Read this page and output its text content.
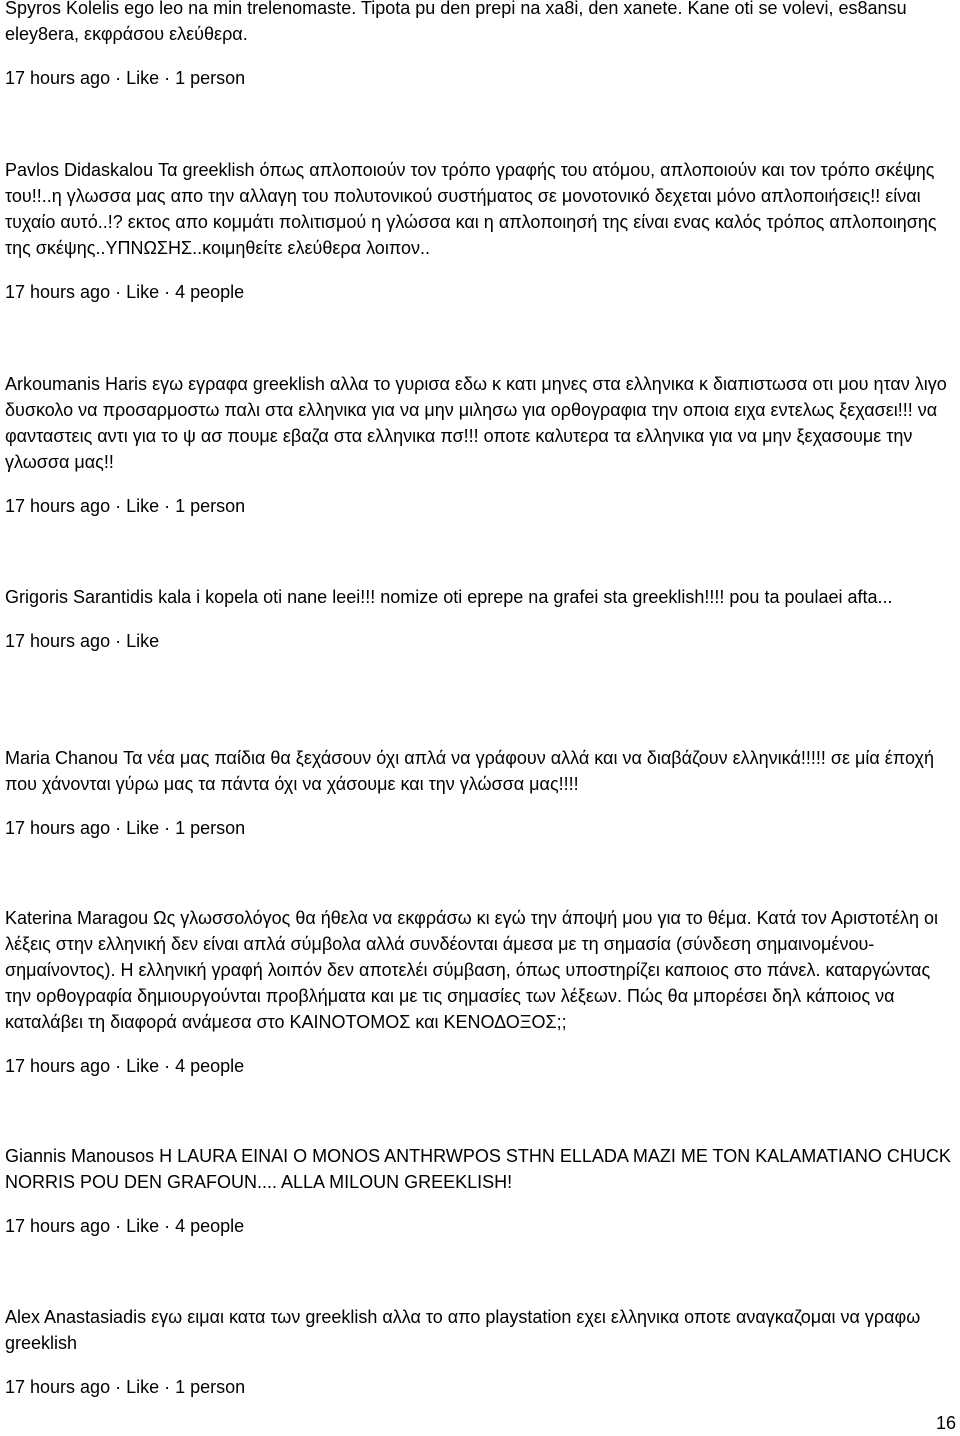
Spyros Kolelis ego leo na min trelenomaste. Tipota pu den prepi na xa8i, den xanete. Kane oti se volevi, es8ansu eley8era, εκφράσου ελεύθερα.

17 hours ago · Like · 1 person

Pavlos Didaskalou Τα greeklish όπως απλοποιούν τον τρόπο γραφής του ατόμου, απλοποιούν και τον τρόπο σκέψης του!!..η γλωσσα μας απο την αλλαγη του πολυτονικού συστήματος σε μονοτονικό δεχεται μόνο απλοποιήσεις!! είναι τυχαίο αυτό..!? εκτος απο κομμάτι πολιτισμού η γλώσσα και η απλοποιησή της είναι ενας καλός τρόπος απλοποιησης της σκέψης..ΥΠΝΩΣΗΣ..κοιμηθείτε ελεύθερα λοιπον..

17 hours ago · Like · 4 people

Arkoumanis Haris εγω εγραφα greeklish αλλα το γυρισα εδω κ κατι μηνες στα ελληνικα κ διαπιστωσα οτι μου ηταν λιγο δυσκολο να προσαρμοστω παλι στα ελληνικα για να μην μιλησω για ορθογραφια την οποια ειχα εντελως ξεχασει!!! να φανταστεις αντι για το ψ ασ πουμε εβαζα στα ελληνικα πσ!!! οποτε καλυτερα τα ελληνικα για να μην ξεχασουμε την γλωσσα μας!!

17 hours ago · Like · 1 person

Grigoris Sarantidis kala i kopela oti nane leei!!! nomize oti eprepe na grafei sta greeklish!!!! pou ta poulaei afta...

17 hours ago · Like

Maria Chanou Τα νέα μας παίδια θα ξεχάσουν όχι απλά να γράφουν αλλά και να διαβάζουν ελληνικά!!!!! σε μία έποχή που χάνονται γύρω μας τα πάντα όχι να χάσουμε και την γλώσσα μας!!!!

17 hours ago · Like · 1 person

Katerina Maragou Ως γλωσσολόγος θα ήθελα να εκφράσω κι εγώ την άποψή μου για το θέμα. Κατά τον Αριστοτέλη οι λέξεις στην ελληνική δεν είναι απλά σύμβολα αλλά συνδέονται άμεσα με τη σημασία (σύνδεση σημαινομένου-σημαίνοντος). Η ελληνική γραφή λοιπόν δεν αποτελέι σύμβαση, όπως υποστηρίζει καποιος στο πάνελ. καταργώντας την ορθογραφία δημιουργούνται προβλήματα και με τις σημασίες των λέξεων. Πώς θα μπορέσει δηλ κάποιος να καταλάβει τη διαφορά ανάμεσα στο ΚΑΙΝΟΤΟΜΟΣ και ΚΕΝΟΔΟΞΟΣ;;

17 hours ago · Like · 4 people

Giannis Manousos H LAURA EINAI O MONOS ANTHRWPOS STHN ELLADA MAZI ME TON KALAMATIANO CHUCK NORRIS POU DEN GRAFOUN.... ALLA MILOUN GREEKLISH!

17 hours ago · Like · 4 people

Alex Anastasiadis εγω ειμαι κατα των greeklish αλλα το απο playstation εχει ελληνικα οποτε αναγκαζομαι να γραφω greeklish

17 hours ago · Like · 1 person
16
